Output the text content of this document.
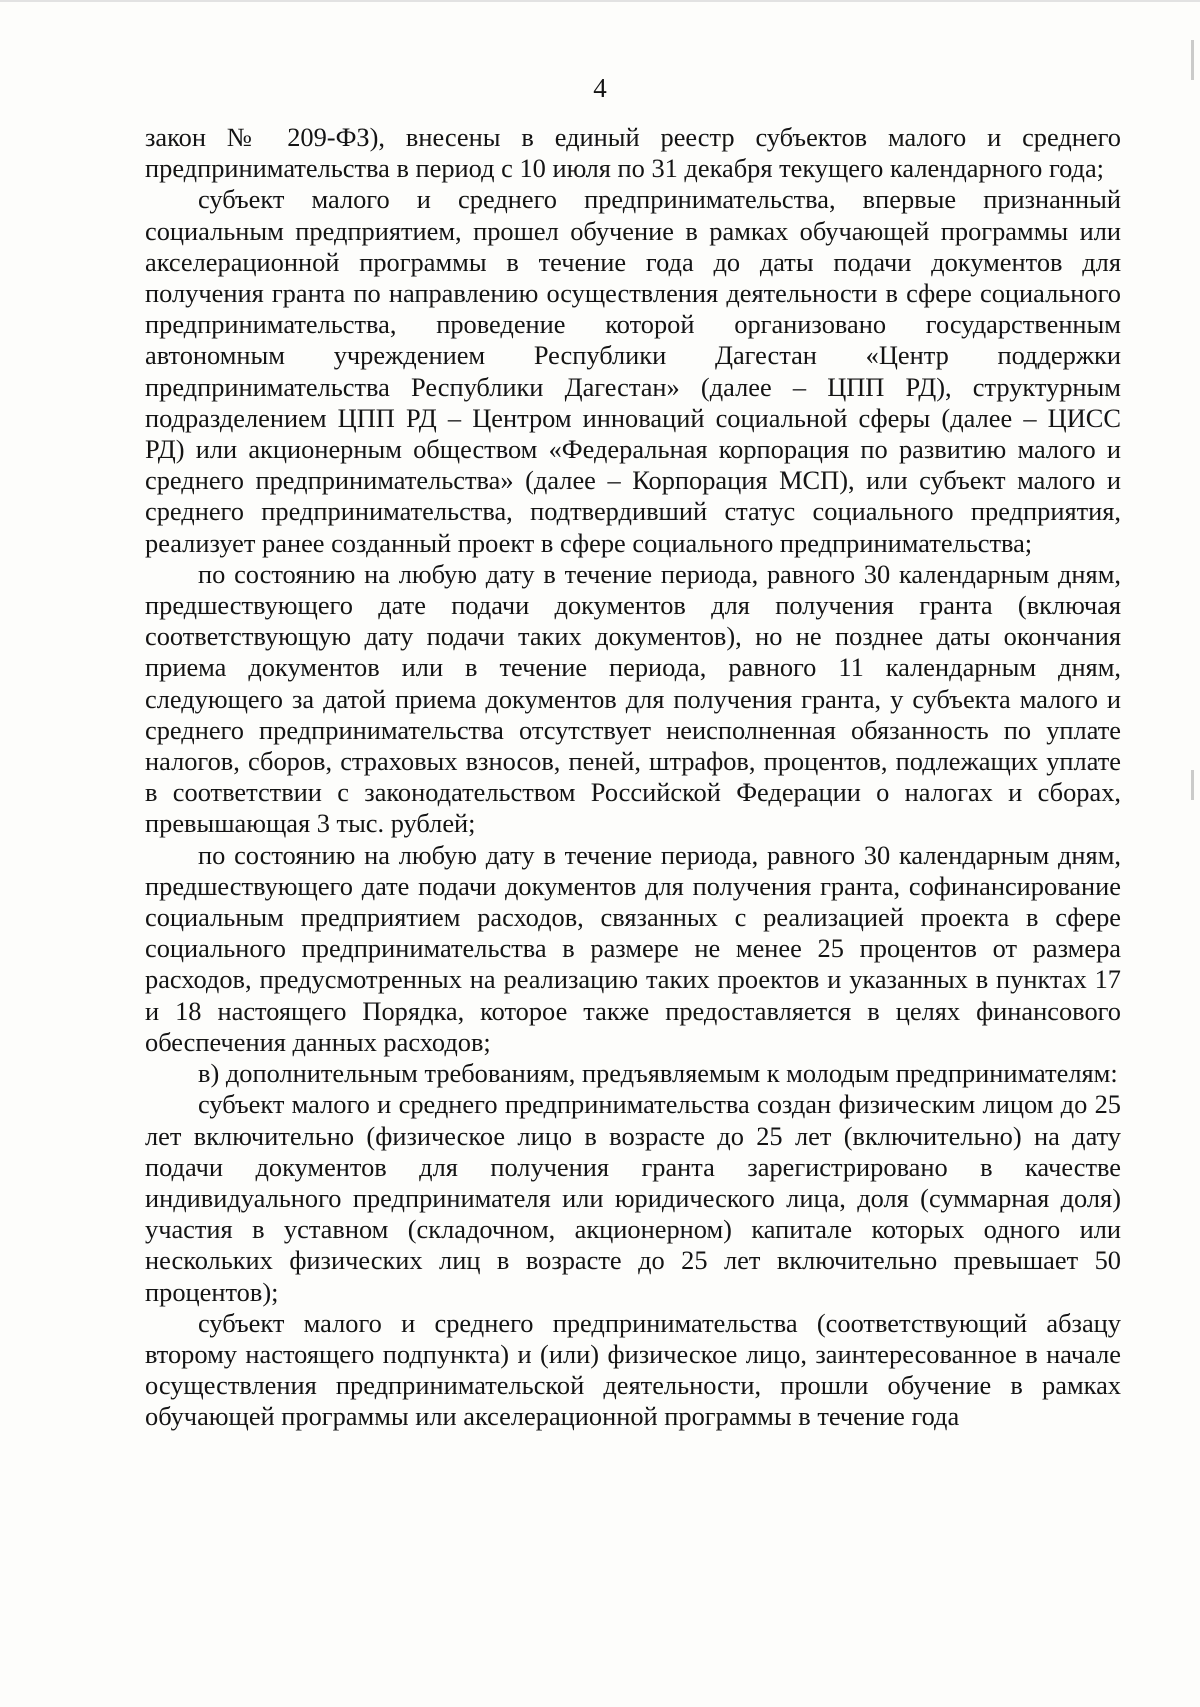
4

закон № 209-ФЗ), внесены в единый реестр субъектов малого и среднего предпринимательства в период с 10 июля по 31 декабря текущего календарного года;

субъект малого и среднего предпринимательства, впервые признанный социальным предприятием, прошел обучение в рамках обучающей программы или акселерационной программы в течение года до даты подачи документов для получения гранта по направлению осуществления деятельности в сфере социального предпринимательства, проведение которой организовано государственным автономным учреждением Республики Дагестан «Центр поддержки предпринимательства Республики Дагестан» (далее – ЦПП РД), структурным подразделением ЦПП РД – Центром инноваций социальной сферы (далее – ЦИСС РД) или акционерным обществом «Федеральная корпорация по развитию малого и среднего предпринимательства» (далее – Корпорация МСП), или субъект малого и среднего предпринимательства, подтвердивший статус социального предприятия, реализует ранее созданный проект в сфере социального предпринимательства;

по состоянию на любую дату в течение периода, равного 30 календарным дням, предшествующего дате подачи документов для получения гранта (включая соответствующую дату подачи таких документов), но не позднее даты окончания приема документов или в течение периода, равного 11 календарным дням, следующего за датой приема документов для получения гранта, у субъекта малого и среднего предпринимательства отсутствует неисполненная обязанность по уплате налогов, сборов, страховых взносов, пеней, штрафов, процентов, подлежащих уплате в соответствии с законодательством Российской Федерации о налогах и сборах, превышающая 3 тыс. рублей;

по состоянию на любую дату в течение периода, равного 30 календарным дням, предшествующего дате подачи документов для получения гранта, софинансирование социальным предприятием расходов, связанных с реализацией проекта в сфере социального предпринимательства в размере не менее 25 процентов от размера расходов, предусмотренных на реализацию таких проектов и указанных в пунктах 17 и 18 настоящего Порядка, которое также предоставляется в целях финансового обеспечения данных расходов;

в) дополнительным требованиям, предъявляемым к молодым предпринимателям:

субъект малого и среднего предпринимательства создан физическим лицом до 25 лет включительно (физическое лицо в возрасте до 25 лет (включительно) на дату подачи документов для получения гранта зарегистрировано в качестве индивидуального предпринимателя или юридического лица, доля (суммарная доля) участия в уставном (складочном, акционерном) капитале которых одного или нескольких физических лиц в возрасте до 25 лет включительно превышает 50 процентов);

субъект малого и среднего предпринимательства (соответствующий абзацу второму настоящего подпункта) и (или) физическое лицо, заинтересованное в начале осуществления предпринимательской деятельности, прошли обучение в рамках обучающей программы или акселерационной программы в течение года
